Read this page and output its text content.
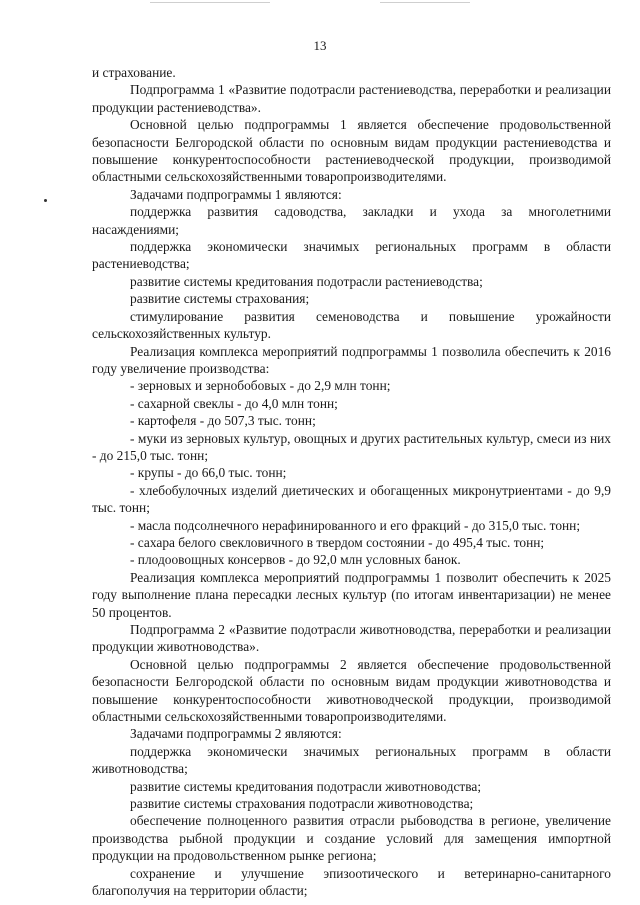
13

и страхование.

Подпрограмма 1 «Развитие подотрасли растениеводства, переработки и реализации продукции растениеводства».

Основной целью подпрограммы 1 является обеспечение продовольственной безопасности Белгородской области по основным видам продукции растениеводства и повышение конкурентоспособности растениеводческой продукции, производимой областными сельскохозяйственными товаропроизводителями.

Задачами подпрограммы 1 являются:

поддержка развития садоводства, закладки и ухода за многолетними насаждениями;

поддержка экономически значимых региональных программ в области растениеводства;

развитие системы кредитования подотрасли растениеводства;

развитие системы страхования;

стимулирование развития семеноводства и повышение урожайности сельскохозяйственных культур.

Реализация комплекса мероприятий подпрограммы 1 позволила обеспечить к 2016 году увеличение производства:

- зерновых и зернобобовых - до 2,9 млн тонн;

- сахарной свеклы - до 4,0 млн тонн;

- картофеля - до 507,3 тыс. тонн;

- муки из зерновых культур, овощных и других растительных культур, смеси из них - до 215,0 тыс. тонн;

- крупы - до 66,0 тыс. тонн;

- хлебобулочных изделий диетических и обогащенных микронутриентами - до 9,9 тыс. тонн;

- масла подсолнечного нерафинированного и его фракций - до 315,0 тыс. тонн;

- сахара белого свекловичного в твердом состоянии - до 495,4 тыс. тонн;

- плодоовощных консервов - до 92,0 млн условных банок.

Реализация комплекса мероприятий подпрограммы 1 позволит обеспечить к 2025 году выполнение плана пересадки лесных культур (по итогам инвентаризации) не менее 50 процентов.

Подпрограмма 2 «Развитие подотрасли животноводства, переработки и реализации продукции животноводства».

Основной целью подпрограммы 2 является обеспечение продовольственной безопасности Белгородской области по основным видам продукции животноводства и повышение конкурентоспособности животноводческой продукции, производимой областными сельскохозяйственными товаропроизводителями.

Задачами подпрограммы 2 являются:

поддержка экономически значимых региональных программ в области животноводства;

развитие системы кредитования подотрасли животноводства;

развитие системы страхования подотрасли животноводства;

обеспечение полноценного развития отрасли рыбоводства в регионе, увеличение производства рыбной продукции и создание условий для замещения импортной продукции на продовольственном рынке региона;

сохранение и улучшение эпизоотического и ветеринарно-санитарного благополучия на территории области;
